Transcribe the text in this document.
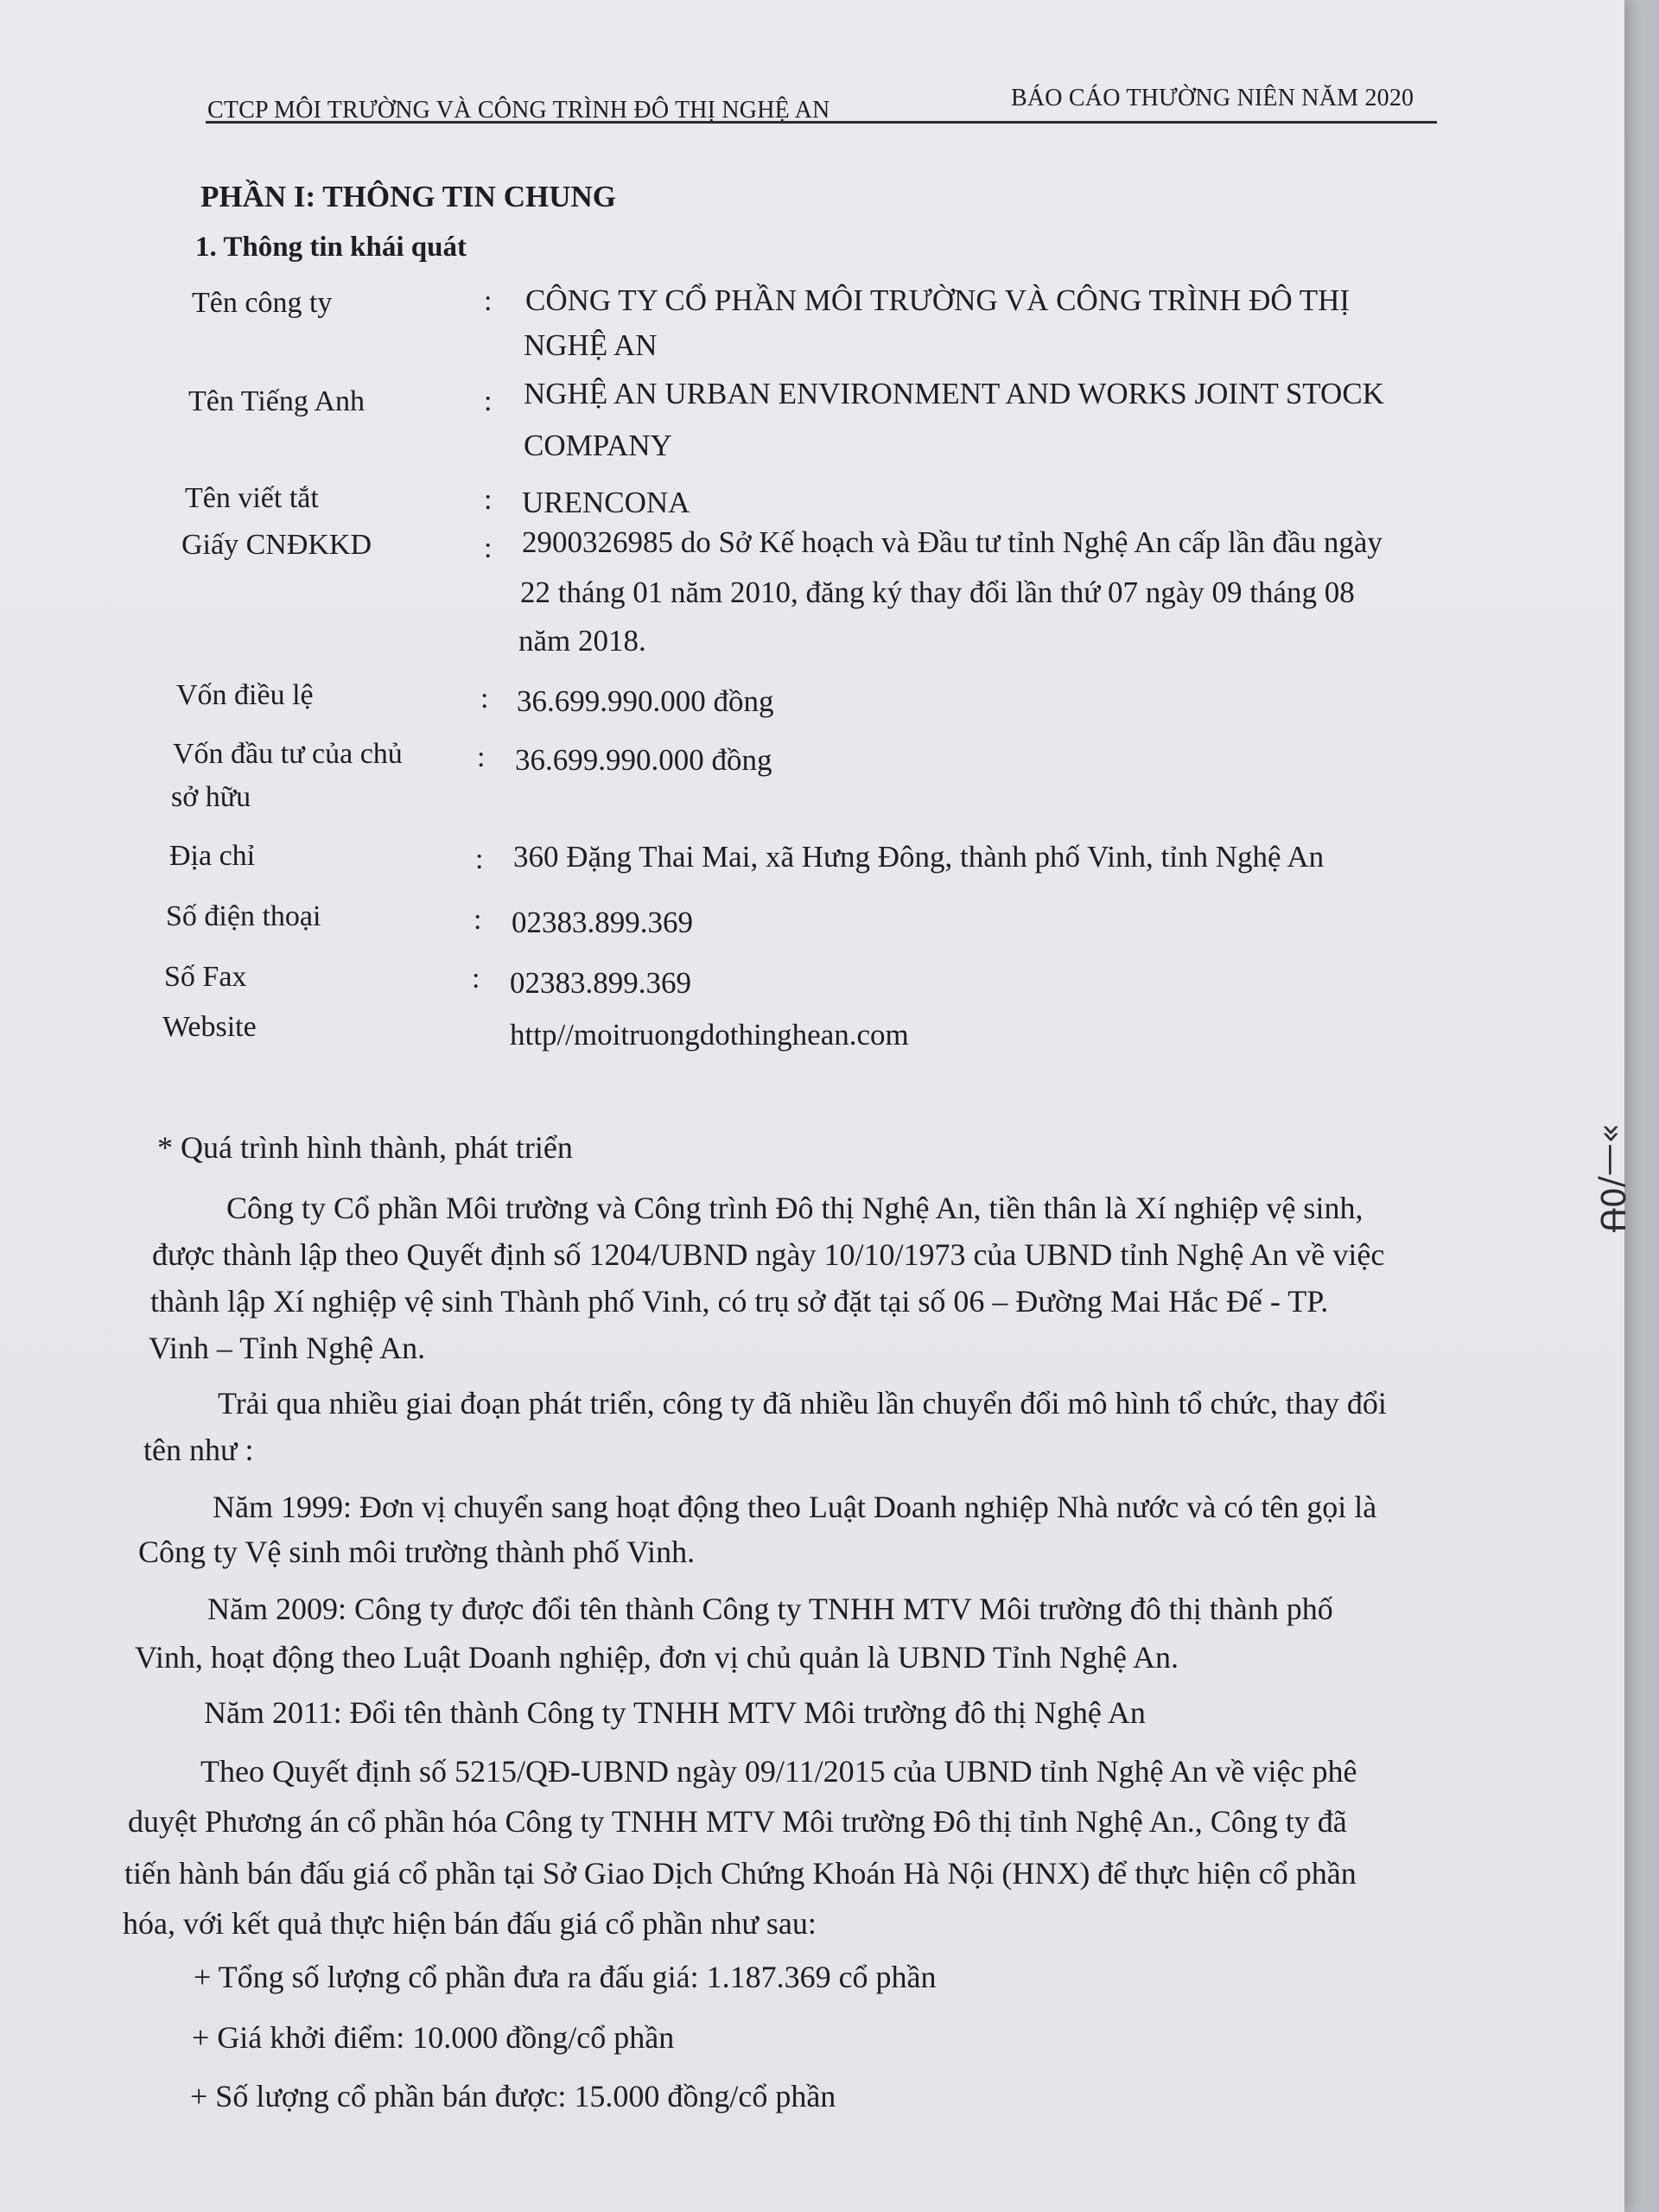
CTCP MÔI TRƯỜNG VÀ CÔNG TRÌNH ĐÔ THỊ NGHỆ AN	BÁO CÁO THƯỜNG NIÊN NĂM 2020
PHẦN I: THÔNG TIN CHUNG
1. Thông tin khái quát
Tên công ty	: CÔNG TY CỔ PHẦN MÔI TRƯỜNG VÀ CÔNG TRÌNH ĐÔ THỊ
NGHỆ AN
Tên Tiếng Anh	: NGHỆ AN URBAN ENVIRONMENT AND WORKS JOINT STOCK
COMPANY
Tên viết tắt	: URENCONA
Giấy CNĐKKD	: 2900326985 do Sở Kế hoạch và Đầu tư tỉnh Nghệ An cấp lần đầu ngày
22 tháng 01 năm 2010, đăng ký thay đổi lần thứ 07 ngày 09 tháng 08
năm 2018.
Vốn điều lệ	: 36.699.990.000 đồng
Vốn đầu tư của chủ
sở hữu
: 36.699.990.000 đồng
Địa chỉ	: 360 Đặng Thai Mai, xã Hưng Đông, thành phố Vinh, tỉnh Nghệ An
Số điện thoại	: 02383.899.369
Số Fax	: 02383.899.369
Website	http//moitruongdothinghean.com
* Quá trình hình thành, phát triển
Công ty Cổ phần Môi trường và Công trình Đô thị Nghệ An, tiền thân là Xí nghiệp vệ sinh,
được thành lập theo Quyết định số 1204/UBND ngày 10/10/1973 của UBND tỉnh Nghệ An về việc
thành lập Xí nghiệp vệ sinh Thành phố Vinh, có trụ sở đặt tại số 06 – Đường Mai Hắc Đế - TP.
Vinh – Tỉnh Nghệ An.
Trải qua nhiều giai đoạn phát triển, công ty đã nhiều lần chuyển đổi mô hình tổ chức, thay đổi
tên như :
Năm 1999: Đơn vị chuyển sang hoạt động theo Luật Doanh nghiệp Nhà nước và có tên gọi là
Công ty Vệ sinh môi trường thành phố Vinh.
Năm 2009: Công ty được đổi tên thành Công ty TNHH MTV Môi trường đô thị thành phố
Vinh, hoạt động theo Luật Doanh nghiệp, đơn vị chủ quản là UBND Tỉnh Nghệ An.
Năm 2011: Đổi tên thành Công ty TNHH MTV Môi trường đô thị Nghệ An
Theo Quyết định số 5215/QĐ-UBND ngày 09/11/2015 của UBND tỉnh Nghệ An về việc phê
duyệt Phương án cổ phần hóa Công ty TNHH MTV Môi trường Đô thị tỉnh Nghệ An., Công ty đã
tiến hành bán đấu giá cổ phần tại Sở Giao Dịch Chứng Khoán Hà Nội (HNX) để thực hiện cổ phần
hóa, với kết quả thực hiện bán đấu giá cổ phần như sau:
+ Tổng số lượng cổ phần đưa ra đấu giá: 1.187.369 cổ phần
+ Giá khởi điểm: 10.000 đồng/cổ phần
+ Số lượng cổ phần bán được: 15.000 đồng/cổ phần
»—/0Ʉ
